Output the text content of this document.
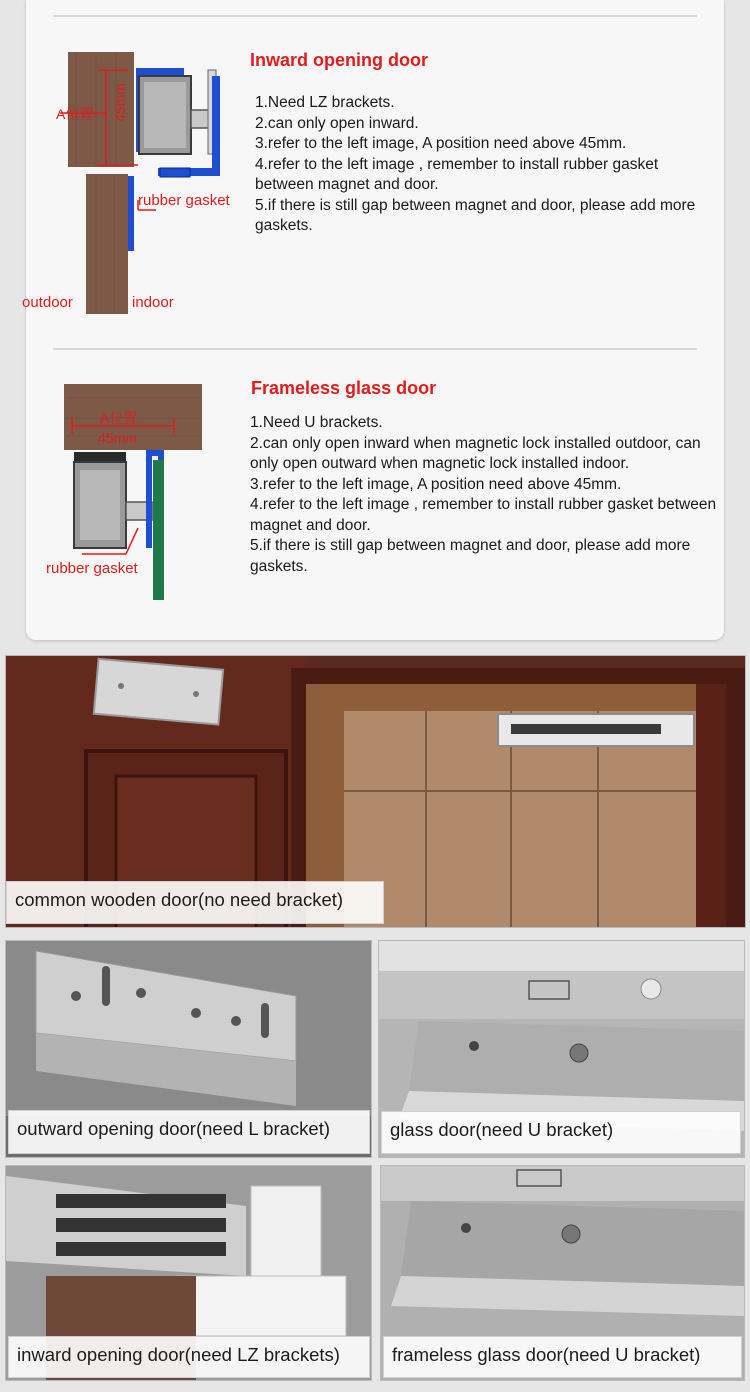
A位置 45mm
rubber gasket
outdoor	indoor
Inward opening door
1.Need LZ brackets.
2.can only open inward.
3.refer to the left image, A position need above 45mm.
4.refer to the left image , remember to install rubber gasket between magnet and door.
5.if there is still gap between magnet and door, please add more gaskets.
A位置
45mm
rubber gasket
Frameless glass door
1.Need U brackets.
2.can only open inward when magnetic lock installed outdoor, can only open outward when magnetic lock installed indoor.
3.refer to the left image, A position need above 45mm.
4.refer to the left image , remember to install rubber gasket between magnet and door.
5.if there is still gap between magnet and door, please add more gaskets.
common wooden door(no need bracket)
outward opening door(need L bracket)	glass door(need U bracket)
inward opening door(need LZ brackets)	frameless glass door(need U bracket)
